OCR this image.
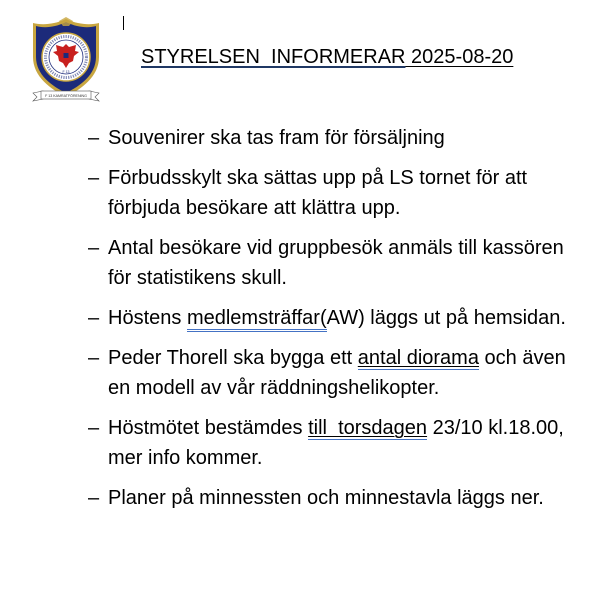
F 13
F 13 KAMRATFÖRENING
STYRELSEN  INFORMERAR 2025-08-20
– Souvenirer ska tas fram för försäljning
– Förbudsskylt ska sättas upp på LS tornet för att förbjuda besökare att klättra upp.
– Antal besökare vid gruppbesök anmäls till kassören för statistikens skull.
– Höstens medlemsträffar(AW) läggs ut på hemsidan.
– Peder Thorell ska bygga ett antal diorama och även en modell av vår räddningshelikopter.
– Höstmötet bestämdes till  torsdagen 23/10 kl.18.00, mer info kommer.
– Planer på minnessten och minnestavla läggs ner.
